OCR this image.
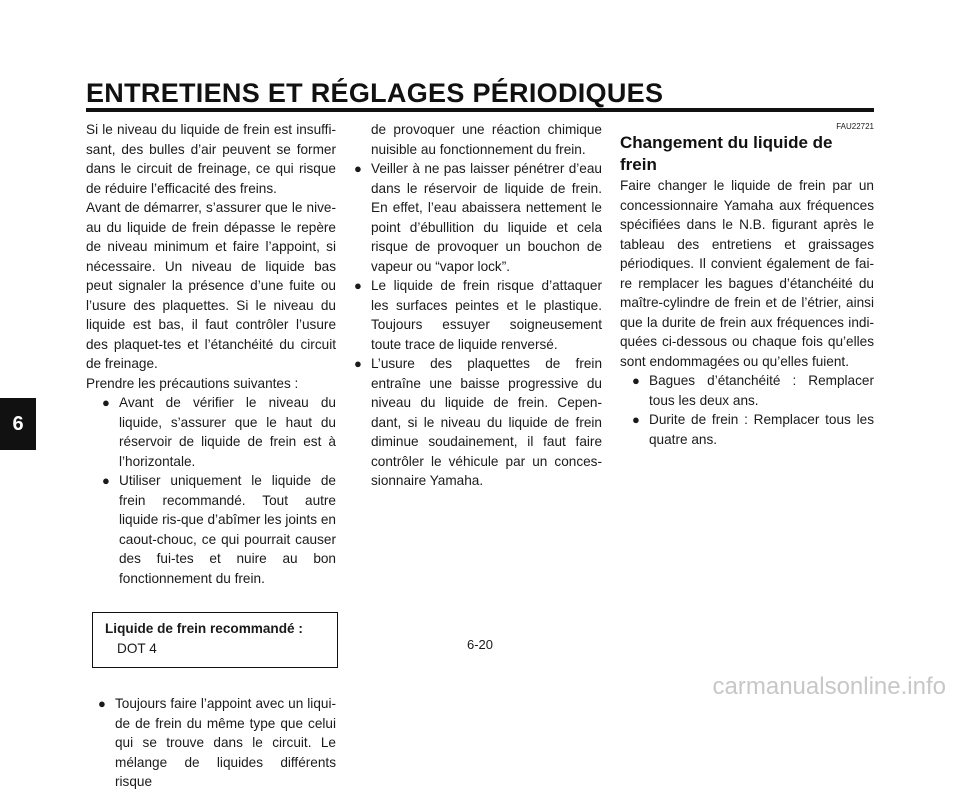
ENTRETIENS ET RÉGLAGES PÉRIODIQUES
6

Si le niveau du liquide de frein est insuffi-sant, des bulles d’air peuvent se former dans le circuit de freinage, ce qui risque de réduire l’efficacité des freins.

Avant de démarrer, s’assurer que le nive-au du liquide de frein dépasse le repère de niveau minimum et faire l’appoint, si nécessaire. Un niveau de liquide bas peut signaler la présence d’une fuite ou l’usure des plaquettes. Si le niveau du liquide est bas, il faut contrôler l’usure des plaquet-tes et l’étanchéité du circuit de freinage.

Prendre les précautions suivantes :

● Avant de vérifier le niveau du liquide, s’assurer que le haut du réservoir de liquide de frein est à l’horizontale.
● Utiliser uniquement le liquide de frein recommandé. Tout autre liquide ris-que d’abîmer les joints en caout-chouc, ce qui pourrait causer des fui-tes et nuire au bon fonctionnement du frein.
Liquide de frein recommandé :
DOT 4
● Toujours faire l’appoint avec un liqui-de de frein du même type que celui qui se trouve dans le circuit. Le mélange de liquides différents risque

de provoquer une réaction chimique nuisible au fonctionnement du frein.

● Veiller à ne pas laisser pénétrer d’eau dans le réservoir de liquide de frein. En effet, l’eau abaissera nettement le point d’ébullition du liquide et cela risque de provoquer un bouchon de vapeur ou “vapor lock”.
● Le liquide de frein risque d’attaquer les surfaces peintes et le plastique. Toujours essuyer soigneusement toute trace de liquide renversé.
● L’usure des plaquettes de frein entraîne une baisse progressive du niveau du liquide de frein. Cepen-dant, si le niveau du liquide de frein diminue soudainement, il faut faire contrôler le véhicule par un conces-sionnaire Yamaha.
FAU22721
Changement du liquide de frein

Faire changer le liquide de frein par un concessionnaire Yamaha aux fréquences spécifiées dans le N.B. figurant après le tableau des entretiens et graissages périodiques. Il convient également de fai-re remplacer les bagues d’étanchéité du maître-cylindre de frein et de l’étrier, ainsi que la durite de frein aux fréquences indi-quées ci-dessous ou chaque fois qu’elles sont endommagées ou qu’elles fuient.

● Bagues d’étanchéité : Remplacer tous les deux ans.
● Durite de frein : Remplacer tous les quatre ans.
6-20
carmanualsonline.info
